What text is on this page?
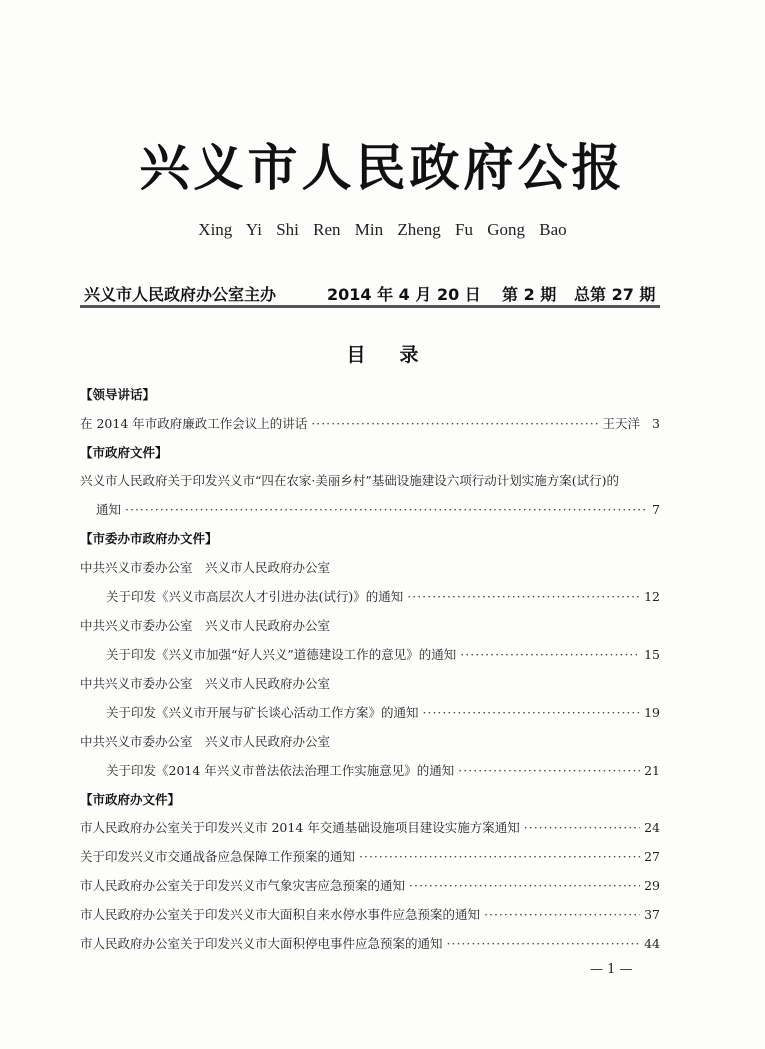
兴义市人民政府公报
Xing Yi Shi Ren Min Zheng Fu Gong Bao
兴义市人民政府办公室主办	2014 年 4 月 20 日 第 2 期 总第 27 期
目录
【领导讲话】
在 2014 年市政府廉政工作会议上的讲话 ·····	王天洋 3
【市政府文件】
兴义市人民政府关于印发兴义市“四在农家·美丽乡村”基础设施建设六项行动计划实施方案(试行)的
通知 ·····	7
【市委办市政府办文件】
中共兴义市委办公室　兴义市人民政府办公室
关于印发《兴义市高层次人才引进办法(试行)》的通知 ·····	12
中共兴义市委办公室　兴义市人民政府办公室
关于印发《兴义市加强“好人兴义”道德建设工作的意见》的通知 ·····	15
中共兴义市委办公室　兴义市人民政府办公室
关于印发《兴义市开展与矿长谈心活动工作方案》的通知 ·····	19
中共兴义市委办公室　兴义市人民政府办公室
关于印发《2014 年兴义市普法依法治理工作实施意见》的通知 ·····	21
【市政府办文件】
市人民政府办公室关于印发兴义市 2014 年交通基础设施项目建设实施方案通知 ·····	24
关于印发兴义市交通战备应急保障工作预案的通知 ·····	27
市人民政府办公室关于印发兴义市气象灾害应急预案的通知 ·····	29
市人民政府办公室关于印发兴义市大面积自来水停水事件应急预案的通知 ·····	37
市人民政府办公室关于印发兴义市大面积停电事件应急预案的通知 ·····	44
— 1 —
